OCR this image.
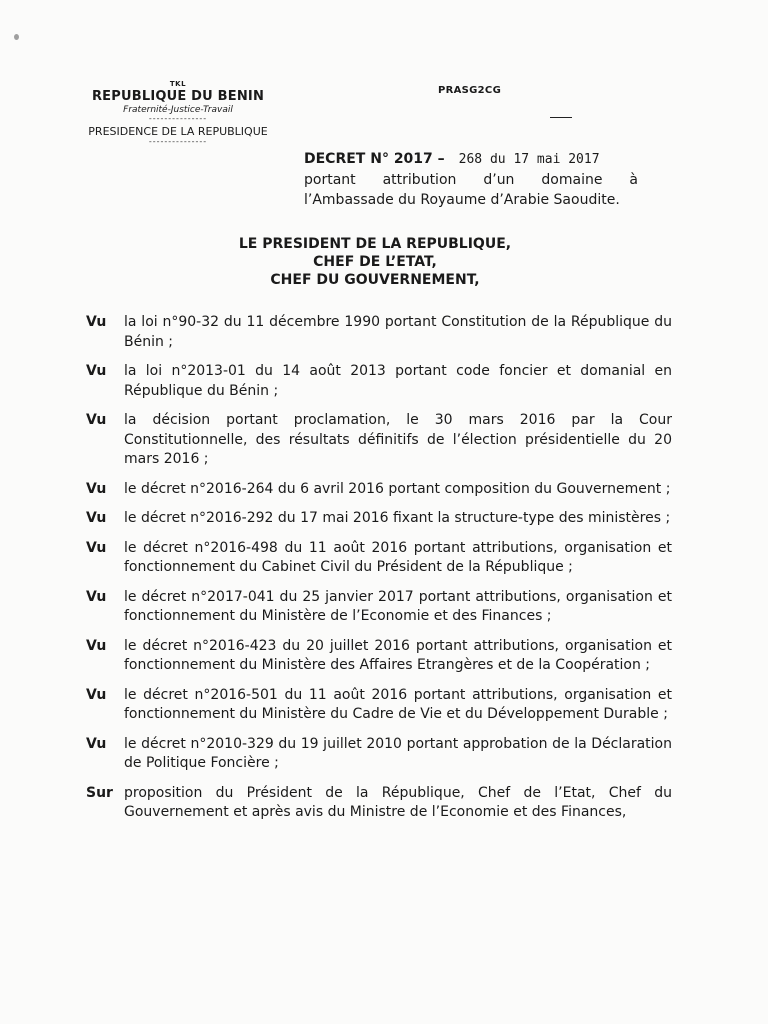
TKL
REPUBLIQUE DU BENIN
Fraternité-Justice-Travail
---------------
PRESIDENCE DE LA REPUBLIQUE
---------------
PRASG2CG
DECRET N° 2017 – 268 du 17 mai 2017
portant attribution d’un domaine à l’Ambassade du Royaume d’Arabie Saoudite.
LE PRESIDENT DE LA REPUBLIQUE,
CHEF DE L’ETAT,
CHEF DU GOUVERNEMENT,
Vu	la loi n°90-32 du 11 décembre 1990 portant Constitution de la République du Bénin ;
Vu	la loi n°2013-01 du 14 août 2013 portant code foncier et domanial en République du Bénin ;
Vu	la décision portant proclamation, le 30 mars 2016 par la Cour Constitutionnelle, des résultats définitifs de l’élection présidentielle du 20 mars 2016 ;
Vu	le décret n°2016-264 du 6 avril 2016 portant composition du Gouvernement ;
Vu	le décret n°2016-292 du 17 mai 2016 fixant la structure-type des ministères ;
Vu	le décret n°2016-498 du 11 août 2016 portant attributions, organisation et fonctionnement du Cabinet Civil du Président de la République ;
Vu	le décret n°2017-041 du 25 janvier 2017 portant attributions, organisation et fonctionnement du Ministère de l’Economie et des Finances ;
Vu	le décret n°2016-423 du 20 juillet 2016 portant attributions, organisation et fonctionnement du Ministère des Affaires Etrangères et de la Coopération ;
Vu	le décret n°2016-501 du 11 août 2016 portant attributions, organisation et fonctionnement du Ministère du Cadre de Vie et du Développement Durable ;
Vu	le décret n°2010-329 du 19 juillet 2010 portant approbation de la Déclaration de Politique Foncière ;
Sur proposition du Président de la République, Chef de l’Etat, Chef du Gouvernement et après avis du Ministre de l’Economie et des Finances,
